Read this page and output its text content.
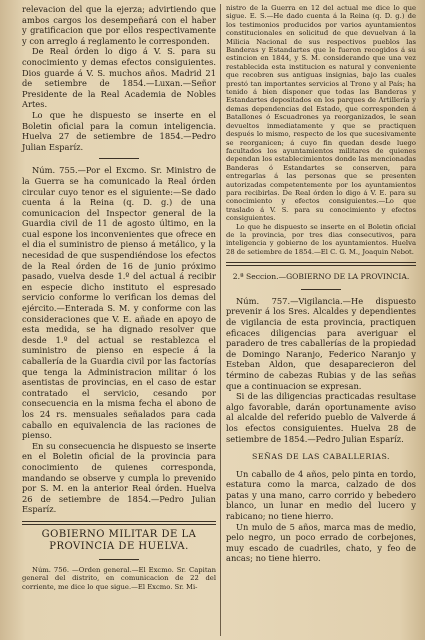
relevacion del que la ejerza; advirtiendo que ambos cargos los desempeñará con el haber y gratificacion que por ellos respectivamente y con arreglo á reglamento le corresponden.

De Real órden lo digo á V. S. para su conocimiento y demas efectos consiguientes. Dios guarde á V. S. muchos años. Madrid 21 de setiembre de 1854.—Luxan.—Señor Presidente de la Real Academia de Nobles Artes.

Lo que he dispuesto se inserte en el Boletin oficial para la comun inteligencia. Huelva 27 de setiembre de 1854.—Pedro Julian Esparíz.

Núm. 755.—Por el Excmo. Sr. Ministro de la Guerra se ha comunicado la Real órden circular cuyo tenor es el siguiente:—Se dado cuenta á la Reina (q. D. g.) de una comunicacion del Inspector general de la Guardia civil de 11 de agosto último, en la cual espone los inconvenientes que ofrece en el dia el suministro de pienso á metálico, y la necesidad de que suspendiéndose los efectos de la Real órden de 16 de junio próximo pasado, vuelva desde 1.º del actual á recibir en especie dicho instituto el espresado servicio conforme lo verifican los demas del ejército.—Enterada S. M. y conforme con las consideraciones que V. E. añade en apoyo de esta medida, se ha dignado resolver que desde 1.º del actual se restablezca el suministro de pienso en especie á la caballería de la Guardia civil por las factorías que tenga la Administracion militar ó los asentistas de provincias, en el caso de estar contratado el servicio, cesando por consecuencia en la misma fecha el abono de los 24 rs. mensuales señalados para cada caballo en equivalencia de las raciones de pienso.

En su consecuencia he dispuesto se inserte en el Boletin oficial de la provincia para conocimiento de quienes corresponda, mandando se observe y cumpla lo prevenido por S. M. en la anterior Real órden. Huelva 26 de setiembre de 1854.—Pedro Julian Esparíz.

GOBIERNO MILITAR DE LA PROVINCIA DE HUELVA.

Núm. 756. —Orden general.—El Excmo. Sr. Capitan general del distrito, en comunicacion de 22 del corriente, me dice lo que sigue.—El Excmo. Sr. Mi-

nistro de la Guerra en 12 del actual me dice lo que sigue. E. S.—He dado cuenta á la Reina (q. D. g.) de los testimonios producidos por varios ayuntamientos constitucionales en solicitud de que devuelvan á la Milicia Nacional de sus respectivos pueblos las Banderas y Estandartes que le fueron recogidos á su estincion en 1844, y S. M. considerando que una vez restablecida esta institucion es natural y conveniente que recobren sus antiguas insignias, bajo las cuales prestó tan importantes servicios al Trono y al País; ha tenido á bien disponer que todas las Banderas y Estandartes depositados en los parques de Artillería y demas dependencias del Estado, que corresponden á Batallones ó Escuadrones ya reorganizados, le sean devueltos inmediatamente y que se practiquen después lo mismo, respecto de los que sucesivamente se reorganicen; á cuyo fin quedan desde luego facultados los ayuntamientos militares de quienes dependan los establecimientos donde las mencionadas Banderas ó Estandartes se conserven, para entregarlas á las personas que se presenten autorizadas competentemente por los ayuntamientos para recibirlas. De Real órden lo digo á V. E. para su conocimiento y efectos consiguientes.—Lo que traslado á V. S. para su conocimiento y efectos consiguientes.

Lo que he dispuesto se inserte en el Boletin oficial de la provincia, por tres dias consecutivos, para inteligencia y gobierno de los ayuntamientos. Huelva 28 de setiembre de 1854.—El C. G. M., Joaquin Nebot.

2.ª Seccion.—GOBIERNO DE LA PROVINCIA.

Núm. 757.—Vigilancia.—He dispuesto prevenir á los Sres. Alcaldes y dependientes de vigilancia de esta provincia, practiquen eficaces diligencias para averiguar el paradero de tres caballerías de la propiedad de Domingo Naranjo, Federico Naranjo y Esteban Aldon, que desaparecieron del término de cabezas Rubias y de las señas que a continuacion se expresan.

Si de las diligencias practicadas resultase algo favorable, darán oportunamente aviso al alcalde del referido pueblo de Valverde á los efectos consiguientes. Huelva 28 de setiembre de 1854.—Pedro Julian Esparíz.

SEÑAS DE LAS CABALLERIAS.

Un caballo de 4 años, pelo pinta en tordo, estatura como la marca, calzado de dos patas y una mano, carro corrido y bebedero blanco, un lunar en medio del lucero y rabicano; no tiene hierro.

Un mulo de 5 años, marca mas de medio, pelo negro, un poco errado de corbejones, muy escado de cuadriles, chato, y feo de ancas; no tiene hierro.
